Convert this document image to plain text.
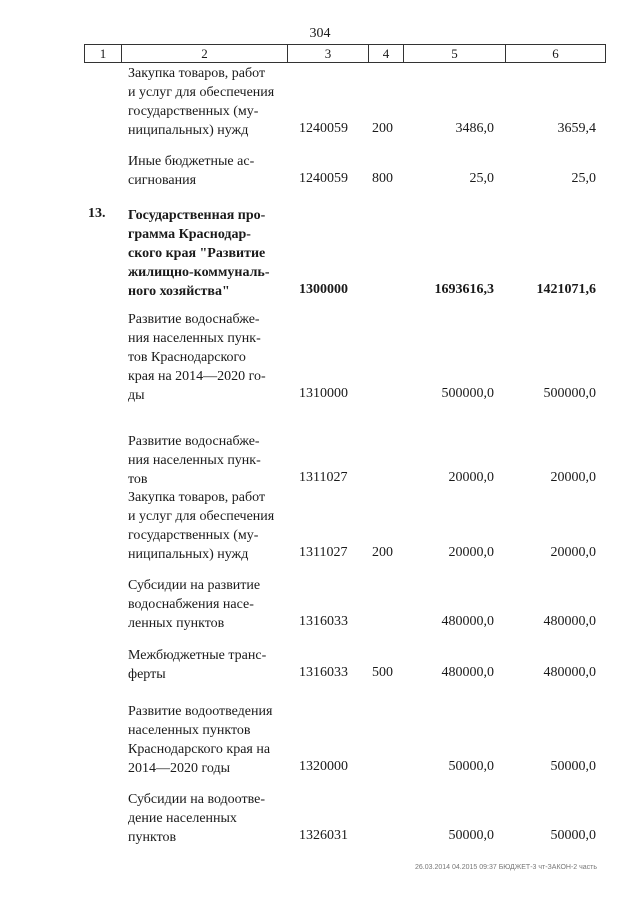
304
1	2	3	4	5	6
Закупка товаров, работ
и услуг для обеспечения
государственных (му-
ниципальных) нужд	1240059 200	3486,0	3659,4
Иные бюджетные ас-
сигнования	1240059 800	25,0	25,0
13. Государственная про-
грамма Краснодар-
ского края "Развитие
жилищно-коммуналь-
ного хозяйства"	1300000	1693616,3	1421071,6
Развитие водоснабже-
ния населенных пунк-
тов Краснодарского
края на 2014—2020 го-
ды	1310000	500000,0	500000,0
Развитие водоснабже-
ния населенных пунк-
тов	1311027	20000,0	20000,0
Закупка товаров, работ
и услуг для обеспечения
государственных (му-
ниципальных) нужд	1311027 200	20000,0	20000,0
Субсидии на развитие
водоснабжения насе-
ленных пунктов	1316033	480000,0	480000,0
Межбюджетные транс-
ферты	1316033 500	480000,0	480000,0
Развитие водоотведения
населенных пунктов
Краснодарского края на
2014—2020 годы	1320000	50000,0	50000,0
Субсидии на водоотве-
дение населенных
пунктов	1326031	50000,0	50000,0
26.03.2014 04.2015 09:37 БЮДЖЕТ-3 чт-ЗАКОН-2 часть
